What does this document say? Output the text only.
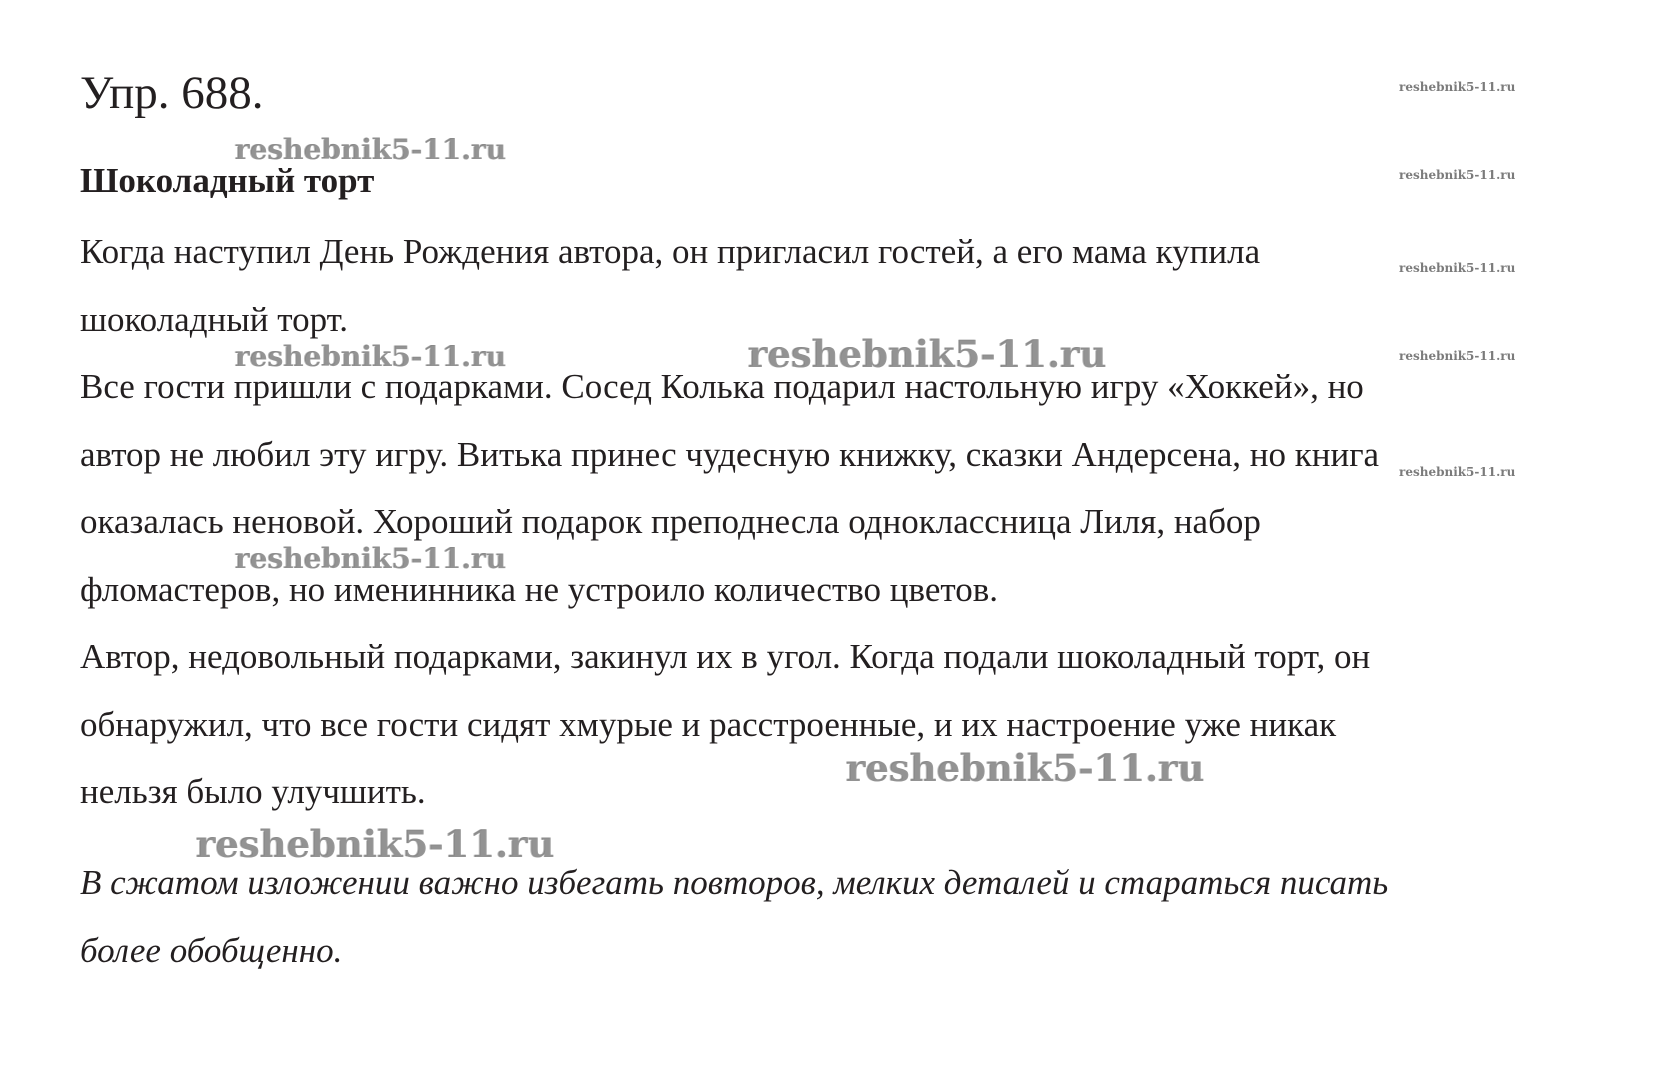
Упр. 688.
Шоколадный торт
Когда наступил День Рождения автора, он пригласил гостей, а его мама купила
шоколадный торт.
Все гости пришли с подарками. Сосед Колька подарил настольную игру «Хоккей», но
автор не любил эту игру. Витька принес чудесную книжку, сказки Андерсена, но книга
оказалась неновой. Хороший подарок преподнесла одноклассница Лиля, набор
фломастеров, но именинника не устроило количество цветов.
Автор, недовольный подарками, закинул их в угол. Когда подали шоколадный торт, он
обнаружил, что все гости сидят хмурые и расстроенные, и их настроение уже никак
нельзя было улучшить.
В сжатом изложении важно избегать повторов, мелких деталей и стараться писать
более обобщенно.
reshebnik5-11.ru
reshebnik5-11.ru	reshebnik5-11.ru
reshebnik5-11.ru
reshebnik5-11.ru
reshebnik5-11.ru
reshebnik5-11.ru
reshebnik5-11.ru
reshebnik5-11.ru
reshebnik5-11.ru
reshebnik5-11.ru
